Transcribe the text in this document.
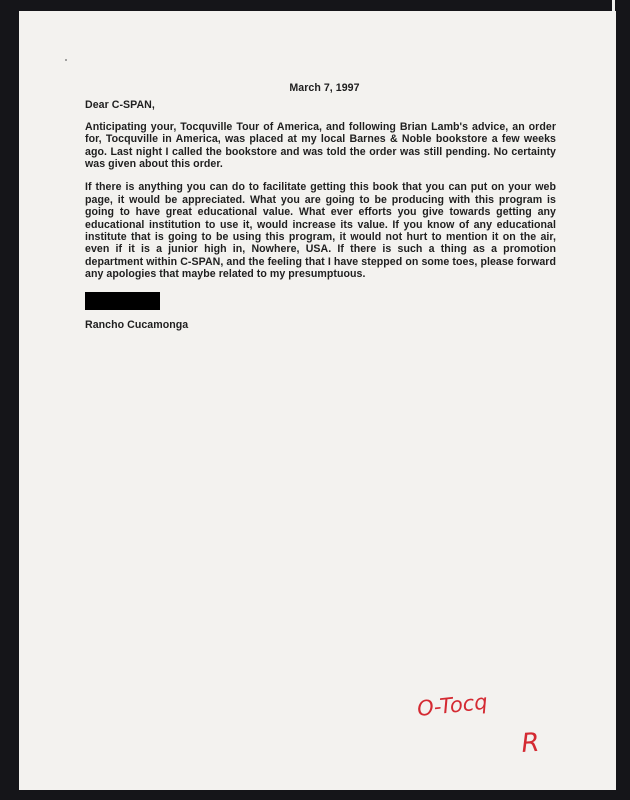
March 7, 1997
Dear C-SPAN,

Anticipating your, Tocquville Tour of America, and following Brian Lamb's advice, an order for, Tocquville in America, was placed at my local Barnes & Noble bookstore a few weeks ago. Last night I called the bookstore and was told the order was still pending. No certainty was given about this order.

If there is anything you can do to facilitate getting this book that you can put on your web page, it would be appreciated. What you are going to be producing with this program is going to have great educational value. What ever efforts you give towards getting any educational institution to use it, would increase its value. If you know of any educational institute that is going to be using this program, it would not hurt to mention it on the air, even if it is a junior high in, Nowhere, USA. If there is such a thing as a promotion department within C-SPAN, and the feeling that I have stepped on some toes, please forward any apologies that maybe related to my presumptuous.

Rancho Cucamonga
O-Tocq
R
